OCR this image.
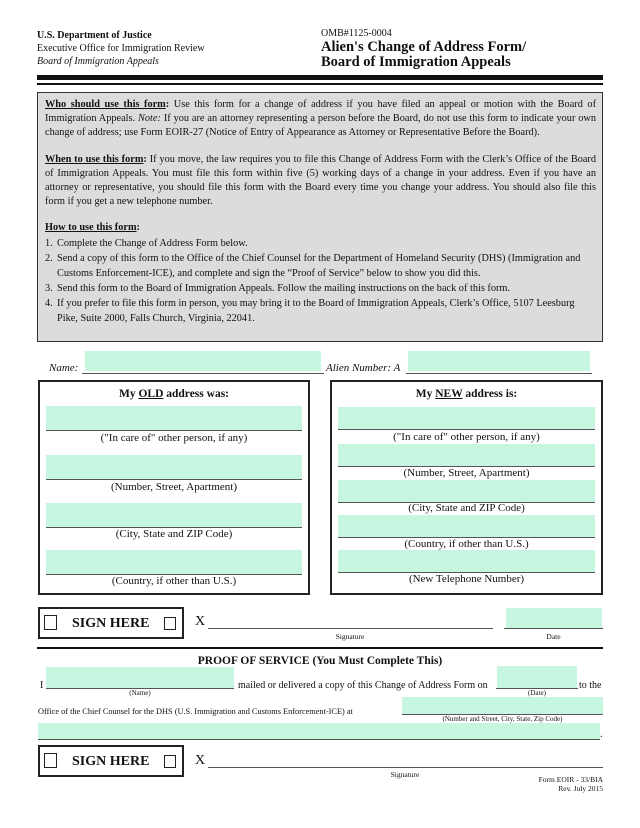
U.S. Department of Justice
Executive Office for Immigration Review
Board of Immigration Appeals
OMB#1125-0004
Alien's Change of Address Form/
Board of Immigration Appeals

Who should use this form: Use this form for a change of address if you have filed an appeal or motion with the Board of Immigration Appeals. Note: If you are an attorney representing a person before the Board, do not use this form to indicate your own change of address; use Form EOIR-27 (Notice of Entry of Appearance as Attorney or Representative Before the Board).

When to use this form: If you move, the law requires you to file this Change of Address Form with the Clerk’s Office of the Board of Immigration Appeals. You must file this form within five (5) working days of a change in your address. Even if you have an attorney or representative, you should file this form with the Board every time you change your address. You should also file this form if you get a new telephone number.

How to use this form:

1. Complete the Change of Address Form below.
2. Send a copy of this form to the Office of the Chief Counsel for the Department of Homeland Security (DHS) (Immigration and Customs Enforcement-ICE), and complete and sign the “Proof of Service” below to show you did this.
3. Send this form to the Board of Immigration Appeals. Follow the mailing instructions on the back of this form.
4. If you prefer to file this form in person, you may bring it to the Board of Immigration Appeals, Clerk’s Office, 5107 Leesburg Pike, Suite 2000, Falls Church, Virginia, 22041.
Name:	Alien Number: A
My OLD address was:
("In care of" other person, if any)
(Number, Street, Apartment)
(City, State and ZIP Code)
(Country, if other than U.S.)
My NEW address is:
("In care of" other person, if any)
(Number, Street, Apartment)
(City, State and ZIP Code)
(Country, if other than U.S.)
(New Telephone Number)
SIGN HERE	X
Signature	Date
PROOF OF SERVICE (You Must Complete This)
I
(Name)
mailed or delivered a copy of this Change of Address Form on
(Date)
to the
Office of the Chief Counsel for the DHS (U.S. Immigration and Customs Enforcement-ICE) at
(Number and Street, City, State, Zip Code)
.
SIGN HERE	X
Signature
Form EOIR - 33/BIA
Rev. July 2015
